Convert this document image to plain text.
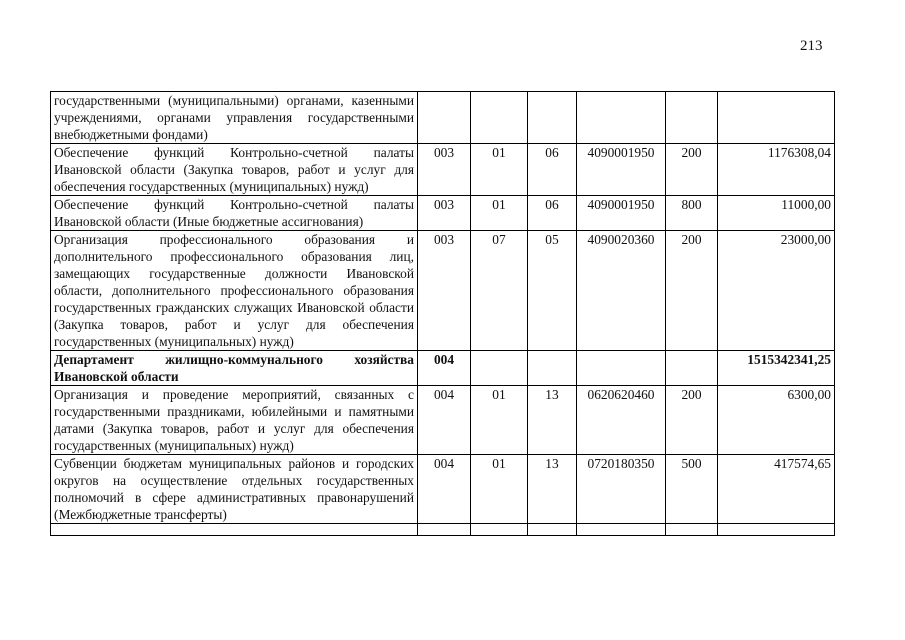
213
государственными (муниципальными) органами, казенными учреждениями, органами управления государственными внебюджетными фондами)						
Обеспечение функций Контрольно-счетной палаты Ивановской области (Закупка товаров, работ и услуг для обеспечения государственных (муниципальных) нужд)	003	01	06	4090001950	200	1176308,04
Обеспечение функций Контрольно-счетной палаты Ивановской области (Иные бюджетные ассигнования)	003	01	06	4090001950	800	11000,00
Организация профессионального образования и дополнительного профессионального образования лиц, замещающих государственные должности Ивановской области, дополнительного профессионального образования государственных гражданских служащих Ивановской области (Закупка товаров, работ и услуг для обеспечения государственных (муниципальных) нужд)	003	07	05	4090020360	200	23000,00
Департамент жилищно-коммунального хозяйства Ивановской области	004					1515342341,25
Организация и проведение мероприятий, связанных с государственными праздниками, юбилейными и памятными датами (Закупка товаров, работ и услуг для обеспечения государственных (муниципальных) нужд)	004	01	13	0620620460	200	6300,00
Субвенции бюджетам муниципальных районов и городских округов на осуществление отдельных государственных полномочий в сфере административных правонарушений (Межбюджетные трансферты)	004	01	13	0720180350	500	417574,65
